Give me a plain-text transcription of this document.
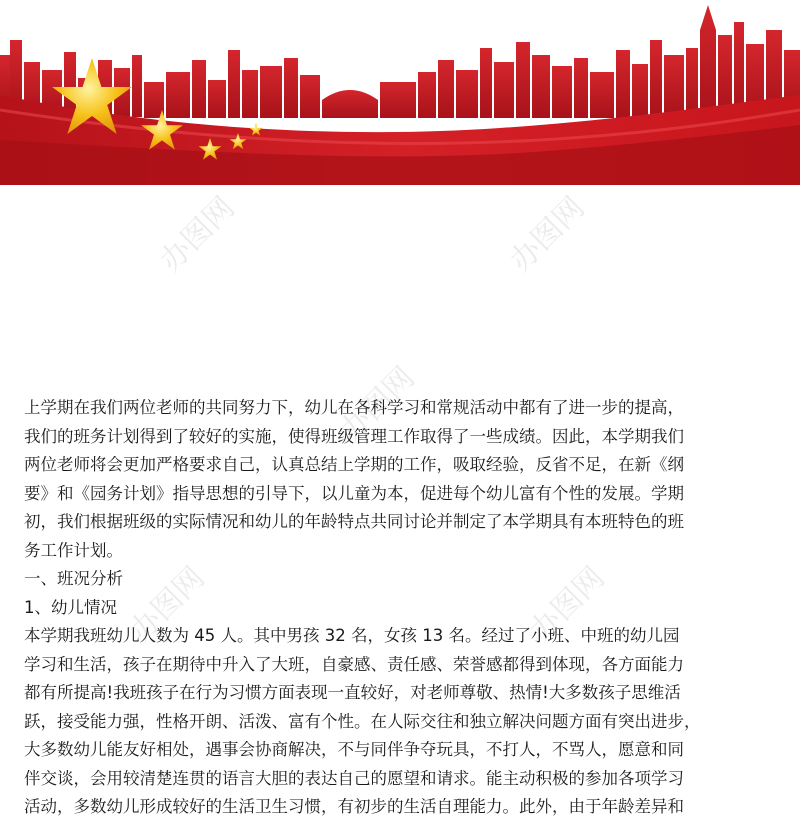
办图网	办图网
办图网
办图网	办图网
上学期在我们两位老师的共同努力下，幼儿在各科学习和常规活动中都有了进一步的提高，
我们的班务计划得到了较好的实施，使得班级管理工作取得了一些成绩。因此，本学期我们
两位老师将会更加严格要求自己，认真总结上学期的工作，吸取经验，反省不足，在新《纲
要》和《园务计划》指导思想的引导下，以儿童为本，促进每个幼儿富有个性的发展。学期
初，我们根据班级的实际情况和幼儿的年龄特点共同讨论并制定了本学期具有本班特色的班
务工作计划。
一、班况分析
1、幼儿情况
本学期我班幼儿人数为 45 人。其中男孩 32 名，女孩 13 名。经过了小班、中班的幼儿园
学习和生活，孩子在期待中升入了大班，自豪感、责任感、荣誉感都得到体现，各方面能力
都有所提高!我班孩子在行为习惯方面表现一直较好，对老师尊敬、热情!大多数孩子思维活
跃，接受能力强，性格开朗、活泼、富有个性。在人际交往和独立解决问题方面有突出进步，
大多数幼儿能友好相处，遇事会协商解决，不与同伴争夺玩具，不打人，不骂人，愿意和同
伴交谈，会用较清楚连贯的语言大胆的表达自己的愿望和请求。能主动积极的参加各项学习
活动，多数幼儿形成较好的生活卫生习惯，有初步的生活自理能力。此外，由于年龄差异和
